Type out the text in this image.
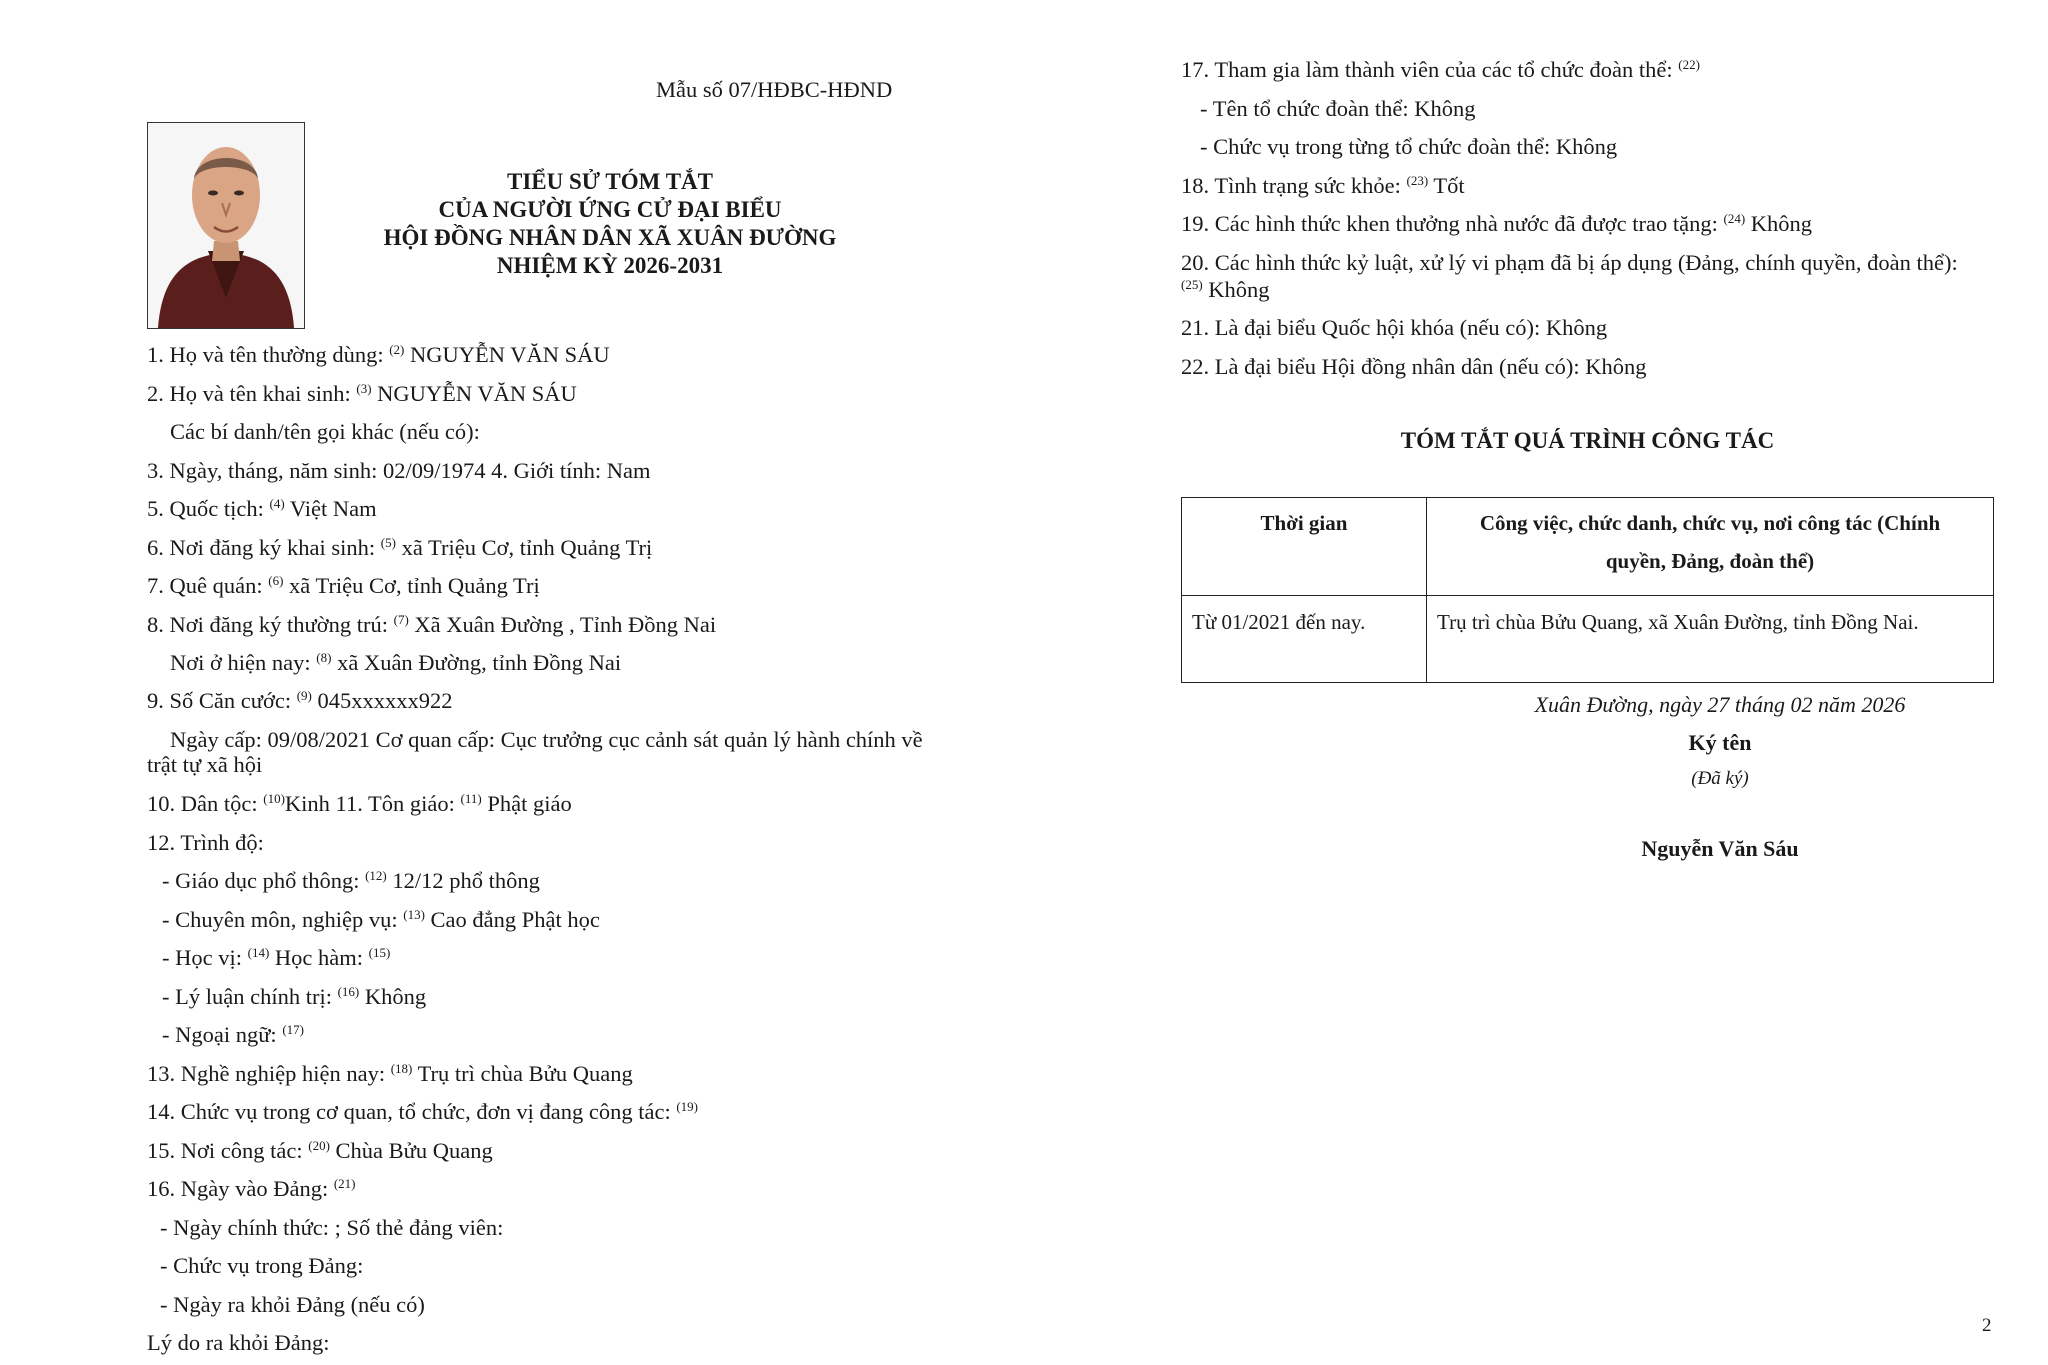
Mẫu số 07/HĐBC-HĐND
TIỂU SỬ TÓM TẮT
CỦA NGƯỜI ỨNG CỬ ĐẠI BIỂU
HỘI ĐỒNG NHÂN DÂN XÃ XUÂN ĐƯỜNG
NHIỆM KỲ 2026-2031
1. Họ và tên thường dùng: $^{(2)}$ NGUYỄN VĂN SÁU
2. Họ và tên khai sinh: $^{(3)}$ NGUYỄN VĂN SÁU
Các bí danh/tên gọi khác (nếu có):
3. Ngày, tháng, năm sinh: 02/09/1974 4. Giới tính: Nam
5. Quốc tịch: $^{(4)}$ Việt Nam
6. Nơi đăng ký khai sinh: $^{(5)}$ xã Triệu Cơ, tỉnh Quảng Trị
7. Quê quán: $^{(6)}$ xã Triệu Cơ, tỉnh Quảng Trị
8. Nơi đăng ký thường trú: $^{(7)}$ Xã Xuân Đường , Tỉnh Đồng Nai
Nơi ở hiện nay: $^{(8)}$ xã Xuân Đường, tỉnh Đồng Nai
9. Số Căn cước: $^{(9)}$ 045xxxxxx922
Ngày cấp: 09/08/2021 Cơ quan cấp: Cục trưởng cục cảnh sát quản lý hành chính về
trật tự xã hội
10. Dân tộc: $^{(10)}$Kinh 11. Tôn giáo: $^{(11)}$ Phật giáo
12. Trình độ:
- Giáo dục phổ thông: $^{(12)}$ 12/12 phổ thông
- Chuyên môn, nghiệp vụ: $^{(13)}$ Cao đẳng Phật học
- Học vị: $^{(14)}$ Học hàm: $^{(15)}$
- Lý luận chính trị: $^{(16)}$ Không
- Ngoại ngữ: $^{(17)}$
13. Nghề nghiệp hiện nay: $^{(18)}$ Trụ trì chùa Bửu Quang
14. Chức vụ trong cơ quan, tổ chức, đơn vị đang công tác: $^{(19)}$
15. Nơi công tác: $^{(20)}$ Chùa Bửu Quang
16. Ngày vào Đảng: $^{(21)}$
- Ngày chính thức: ; Số thẻ đảng viên:
- Chức vụ trong Đảng:
- Ngày ra khỏi Đảng (nếu có)
Lý do ra khỏi Đảng:
17. Tham gia làm thành viên của các tổ chức đoàn thể: $^{(22)}$
- Tên tổ chức đoàn thể: Không
- Chức vụ trong từng tổ chức đoàn thể: Không
18. Tình trạng sức khỏe: $^{(23)}$ Tốt
19. Các hình thức khen thưởng nhà nước đã được trao tặng: $^{(24)}$ Không
20. Các hình thức kỷ luật, xử lý vi phạm đã bị áp dụng (Đảng, chính quyền, đoàn thể):
$^{(25)}$ Không
21. Là đại biểu Quốc hội khóa (nếu có): Không
22. Là đại biểu Hội đồng nhân dân (nếu có): Không
TÓM TẮT QUÁ TRÌNH CÔNG TÁC
Thời gian	Công việc, chức danh, chức vụ, nơi công tác (Chính
quyền, Đảng, đoàn thể)

Từ 01/2021 đến nay.	Trụ trì chùa Bửu Quang, xã Xuân Đường, tỉnh Đồng Nai.
Xuân Đường, ngày 27 tháng 02 năm 2026
Ký tên
(Đã ký)
Nguyễn Văn Sáu
2
